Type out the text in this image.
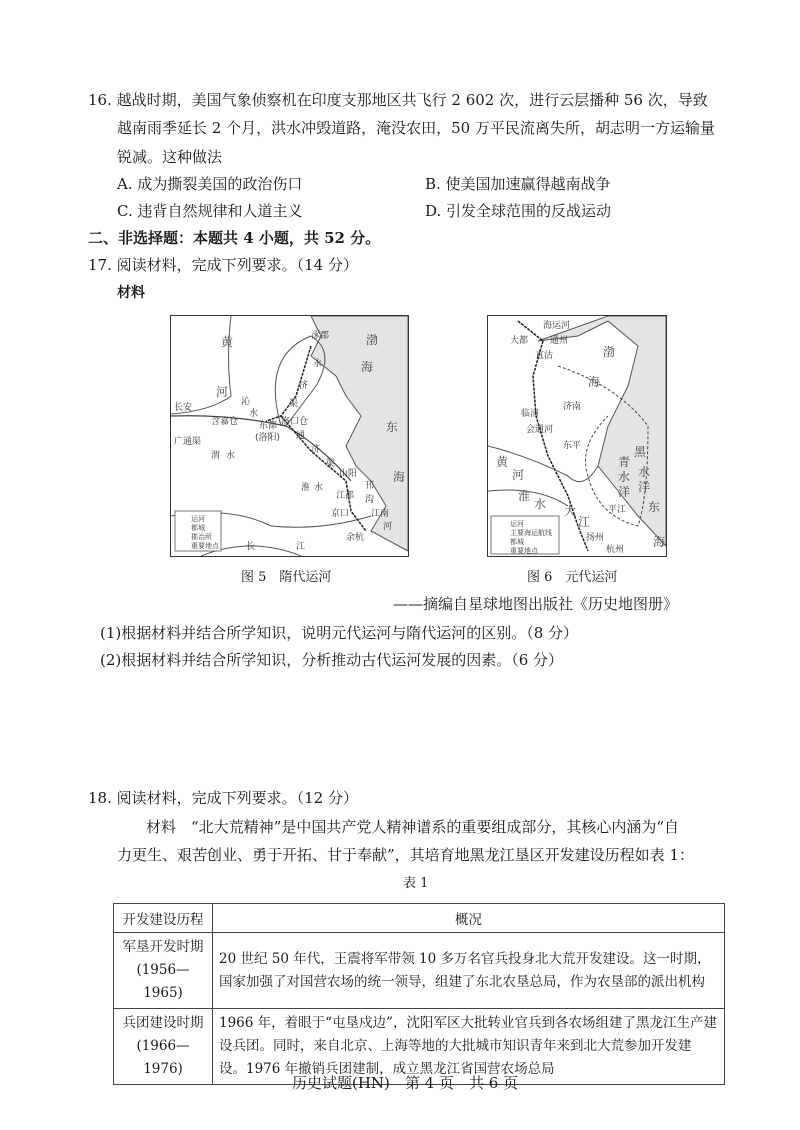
16. 越战时期，美国气象侦察机在印度支那地区共飞行 2 602 次，进行云层播种 56 次，导致
越南雨季延长 2 个月，洪水冲毁道路，淹没农田，50 万平民流离失所，胡志明一方运输量
锐减。这种做法
A. 成为撕裂美国的政治伤口	B. 使美国加速赢得越南战争
C. 违背自然规律和人道主义	D. 引发全球范围的反战运动
二、非选择题：本题共 4 小题，共 52 分。
17. 阅读材料，完成下列要求。（14 分）
材料
涿郡	渤
海
东
海
永
济
渠
沁
水
通
济
渠
长安
广通渠
东都
(洛阳)
洛口仓
含嘉仓
渭 水
山阳
邗
沟
江都
京口 江南
河
余杭
黄
河
淮 水
长	江
运河
都城
郡治所
重要地点
海运河
大都 通州
直沽	渤
海
临清
会通河
济南
东平
黄
河
淮
水 大
江
扬州
平江
青
水
洋
黑
水
洋
东
海
杭州
运河
主要海运航线
都城
重要地点
图 5　隋代运河	图 6　元代运河
——摘编自星球地图出版社《历史地图册》
(1)根据材料并结合所学知识，说明元代运河与隋代运河的区别。（8 分）
(2)根据材料并结合所学知识，分析推动古代运河发展的因素。（6 分）
18. 阅读材料，完成下列要求。（12 分）
材料　“北大荒精神”是中国共产党人精神谱系的重要组成部分，其核心内涵为“自
力更生、艰苦创业、勇于开拓、甘于奉献”，其培育地黑龙江垦区开发建设历程如表 1：
表 1
开发建设历程	概况

军垦开发时期
(1956—1965)	20 世纪 50 年代，王震将军带领 10 多万名官兵投身北大荒开发建设。这一时期，国家加强了对国营农场的统一领导，组建了东北农垦总局，作为农垦部的派出机构

兵团建设时期
(1966—1976)	1966 年，着眼于“屯垦戍边”，沈阳军区大批转业官兵到各农场组建了黑龙江生产建设兵团。同时，来自北京、上海等地的大批城市知识青年来到北大荒参加开发建设。1976 年撤销兵团建制，成立黑龙江省国营农场总局
历史试题(HN)　第 4 页　共 6 页
